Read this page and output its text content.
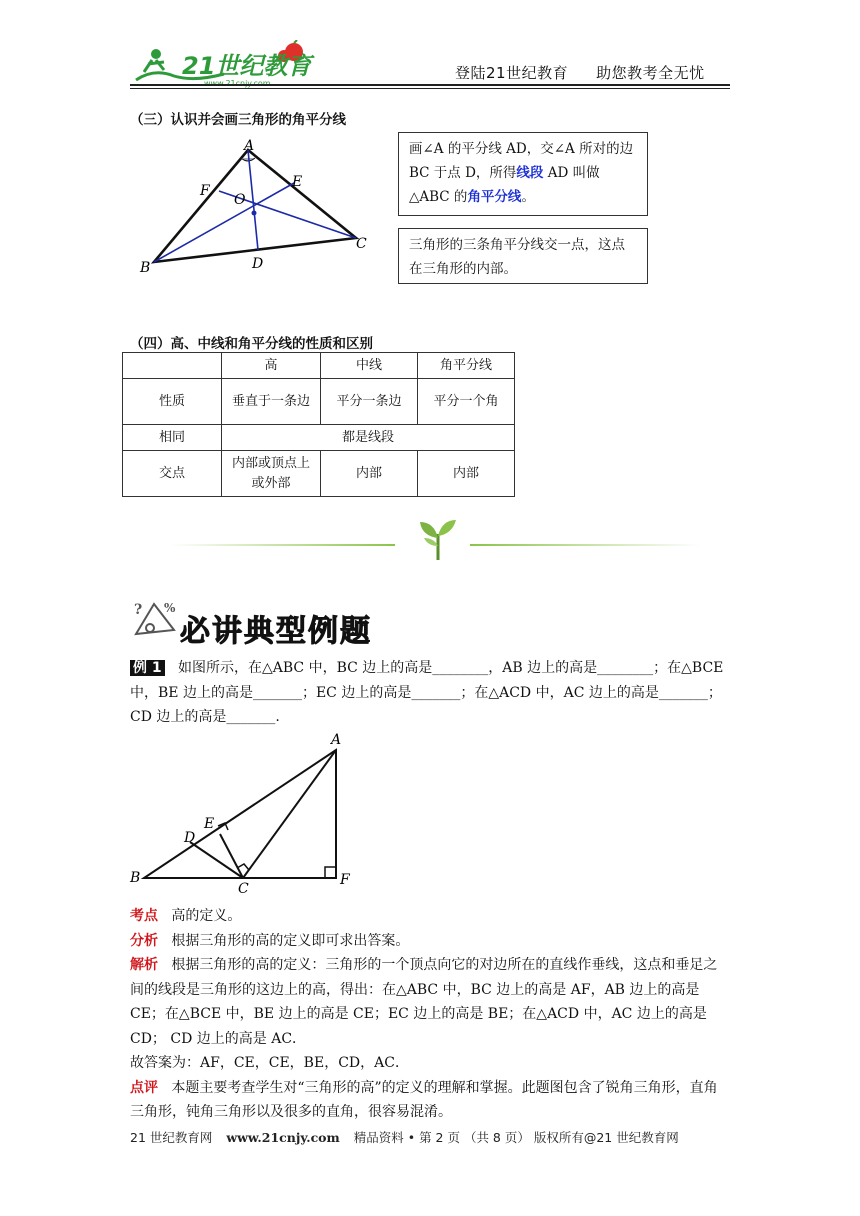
21世纪教育	登陆21世纪教育 助您教考全无忧
（三）认识并会画三角形的角平分线
A
B
C
D
E
F
O
画∠A 的平分线 AD，交∠A 所对的边 BC 于点 D，所得线段 AD 叫做△ABC 的角平分线。
三角形的三条角平分线交一点，这点在三角形的内部。
（四）高、中线和角平分线的性质和区别
	高	中线	角平分线
性质	垂直于一条边	平分一条边	平分一个角
相同	都是线段		
交点	内部或顶点上或外部	内部	内部
? %
必讲典型例题
例 1 如图所示，在△ABC 中，BC 边上的高是________，AB 边上的高是________；在△BCE 中，BE 边上的高是_______；EC 边上的高是_______；在△ACD 中，AC 边上的高是_______； CD 边上的高是_______.
A
B
C
D
E
F
考点 高的定义。
分析 根据三角形的高的定义即可求出答案。
解析 根据三角形的高的定义：三角形的一个顶点向它的对边所在的直线作垂线，这点和垂足之间的线段是三角形的这边上的高，得出：在△ABC 中，BC 边上的高是 AF，AB 边上的高是 CE；在△BCE 中，BE 边上的高是 CE；EC 边上的高是 BE；在△ACD 中，AC 边上的高是 CD； CD 边上的高是 AC．
故答案为：AF，CE，CE，BE，CD，AC．
点评 本题主要考查学生对“三角形的高”的定义的理解和掌握。此题图包含了锐角三角形，直角三角形，钝角三角形以及很多的直角，很容易混淆。
21 世纪教育网 www.21cnjy.com 精品资料 • 第 2 页 （共 8 页） 版权所有@21 世纪教育网
